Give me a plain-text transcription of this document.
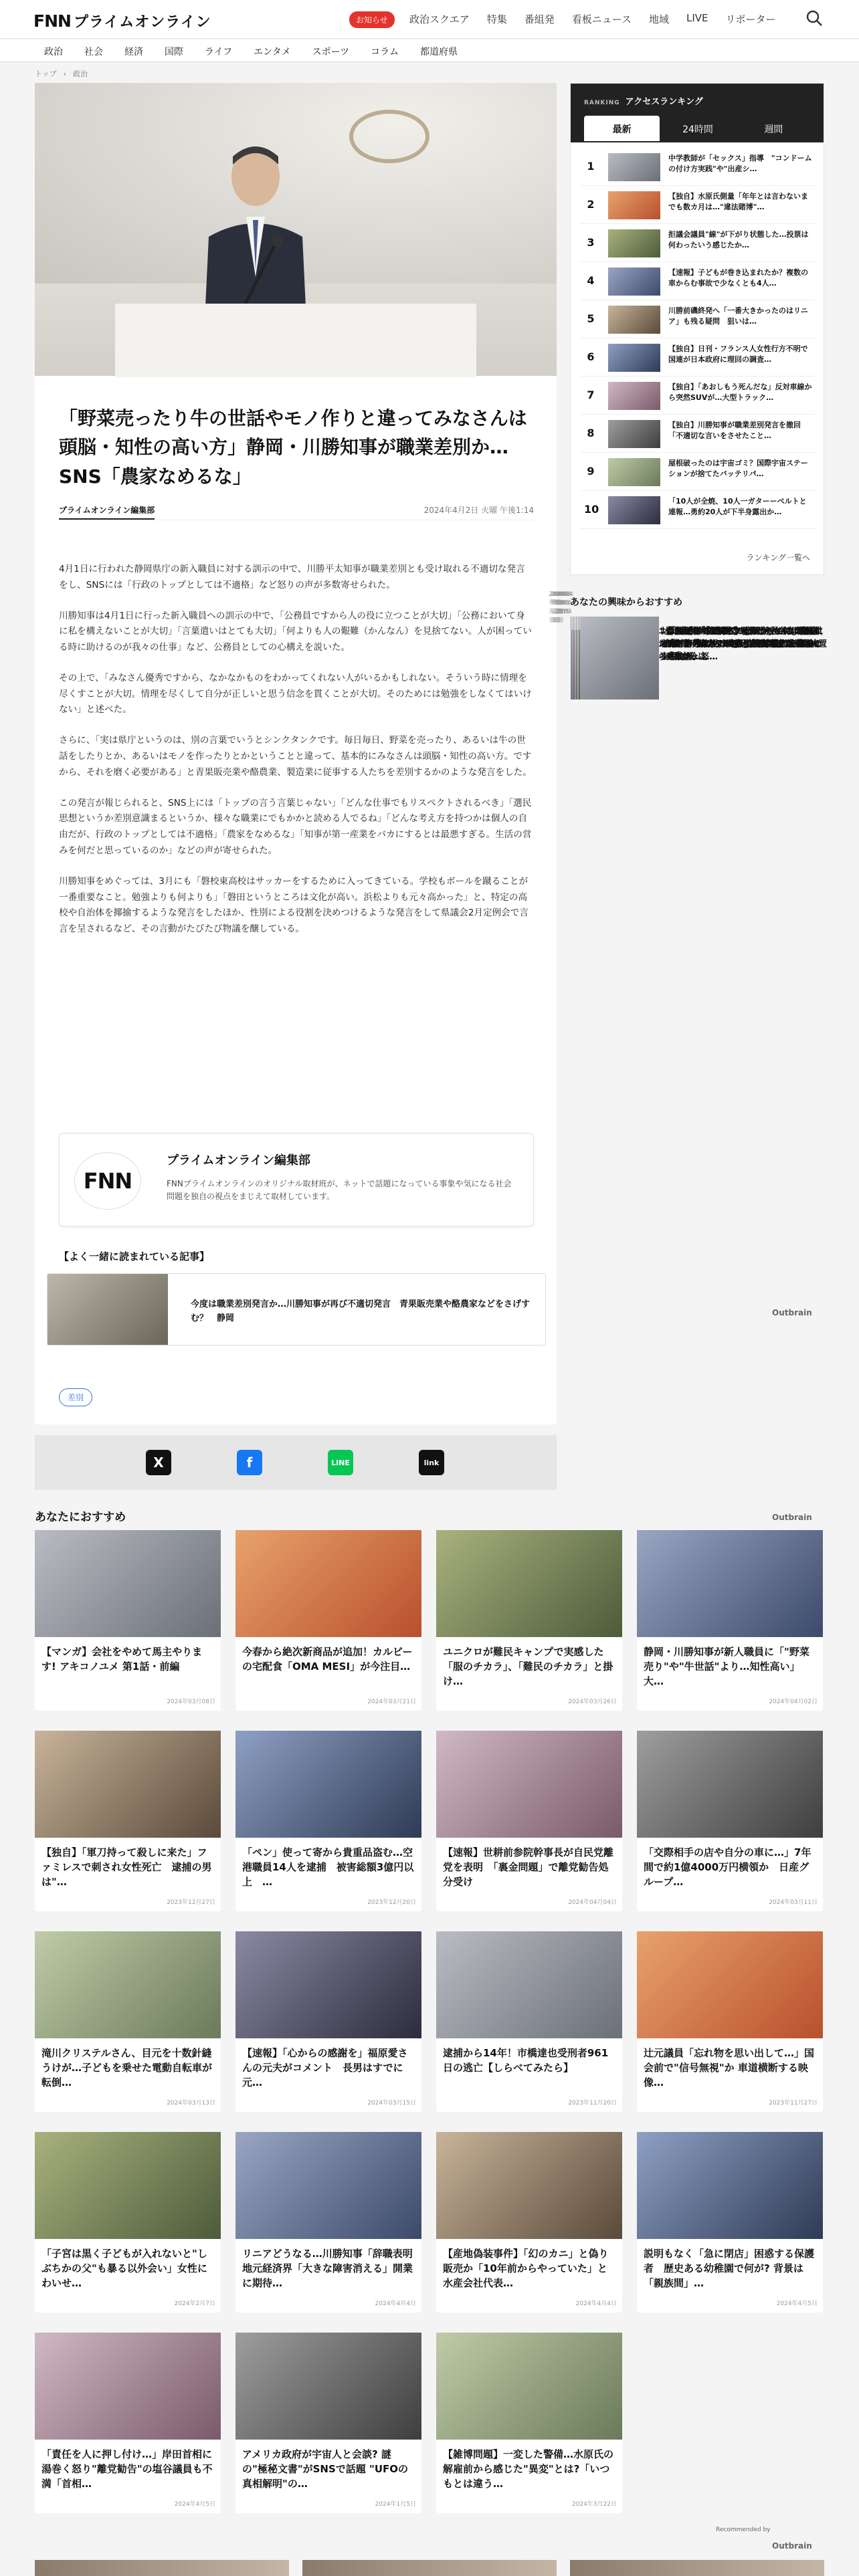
FNN プライムオンライン	お知らせ	政治スクエア 特集 番組発 看板ニュース 地域 LIVE リポーター
政治 社会 経済 国際 ライフ エンタメ スポーツ コラム 都道府県
トップ › 政治
「野菜売ったり牛の世話やモノ作りと違ってみなさんは頭脳・知性の高い方」静岡・川勝知事が職業差別か…SNS「農家なめるな」
プライムオンライン編集部	2024年4月2日 火曜 午後1:14

4月1日に行われた静岡県庁の新入職員に対する訓示の中で、川勝平太知事が職業差別とも受け取れる不適切な発言をし、SNSには「行政のトップとしては不適格」など怒りの声が多数寄せられた。

川勝知事は4月1日に行った新入職員への訓示の中で、「公務員ですから人の役に立つことが大切」「公務において身に私を構えないことが大切」「言葉遣いはとても大切」「何よりも人の艱難（かんなん）を見捨てない。人が困っている時に助けるのが我々の仕事」など、公務員としての心構えを説いた。

その上で、「みなさん優秀ですから、なかなかものをわかってくれない人がいるかもしれない。そういう時に情理を尽くすことが大切。情理を尽くして自分が正しいと思う信念を貫くことが大切。そのためには勉強をしなくてはいけない」と述べた。

さらに、「実は県庁というのは、別の言葉でいうとシンクタンクです。毎日毎日、野菜を売ったり、あるいは牛の世話をしたりとか、あるいはモノを作ったりとかということと違って、基本的にみなさんは頭脳・知性の高い方。ですから、それを磨く必要がある」と青果販売業や酪農業、製造業に従事する人たちを差別するかのような発言をした。

この発言が報じられると、SNS上には「トップの言う言葉じゃない」「どんな仕事でもリスペクトされるべき」「選民思想というか差別意識まるというか、様々な職業にでもかかと読める人でるね」「どんな考え方を持つかは個人の自由だが、行政のトップとしては不適格」「農家をなめるな」「知事が第一産業をバカにするとは最悪すぎる。生活の営みを何だと思っているのか」などの声が寄せられた。

川勝知事をめぐっては、3月にも「磐校東高校はサッカーをするために入ってきている。学校もボールを蹴ることが一番重要なこと。勉強よりも何よりも」「磐田というところは文化が高い。浜松よりも元々高かった」と、特定の高校や自治体を揶揄するような発言をしたほか、性別による役割を決めつけるような発言をして県議会2月定例会で言言を呈されるなど、その言動がたびたび物議を醸している。

FNN
プライムオンライン編集部
FNNプライムオンラインのオリジナル取材班が、ネットで話題になっている事象や気になる社会問題を独自の視点をまじえて取材しています。
【よく一緒に読まれている記事】
今度は職業差別発言か…川勝知事が再び不適切発言　青果販売業や酪農家などをさげすむ？　静岡
差別
X	f	LINE	link
RANKING アクセスランキング
最新	24時間	週間
1
中学教師が「セックス」指導　"コンドームの付け方実践"や"出産シ…
2
【独自】水原氏側量「年年とは言わないまでも数カ月は…"違法賭博"…
3
拒議会議員"線"が下がり状態した…投票は何わったいう感じたか…
4
【速報】子どもが巻き込まれたか？複数の車からむ事故で少なくとも4人…
5
川勝前磯終発へ「一番大きかったのはリニア」も残る疑問　狙いは…
6
【独自】日刊・フランス人女性行方不明で国連が日本政府に理回の調査…
7
【独自】「あおしもう死んだな」反対車線から突然SUVが…大型トラック…
8
【独自】川勝知事が職業差別発言を撤回「不適切な言いをさせたこと…
9
屋根破ったのは宇宙ゴミ？国際宇宙ステーションが捨てたバッテリパ…
10
「10人が全焼、10人一ガターーベルトと連報…勇約20人が下半身露出か…
ランキング一覧へ
あなたの興味からおすすめ
Outbrain
あなたにおすすめ	Outbrain
【マンガ】会社をやめて馬主やります! アキコノユメ 第1話・前編
2024年03月08日
今春から絶次新商品が追加！カルビーの宅配食「OMA MESI」が今注目…
2024年03月21日
ユニクロが難民キャンプで実感した「服のチカラ」、「難民のチカラ」と掛け…
2024年03月26日
静岡・川勝知事が新人職員に「"野菜売り"や"牛世話"より…知性高い」　大…
2024年04月02日
【独自】「軍刀持って殺しに来た」ファミレスで刺され女性死亡　逮捕の男は"…
2023年12月27日
「ペン」使って寄から貴重品盗む…空港職員14人を逮捕　被害総額3億円以上　…
2023年12月20日
【速報】世耕前参院幹事長が自民党離党を表明　「裏金問題」で離党勧告処分受け
2024年04月04日
「交際相手の店や自分の車に…」7年間で約1億4000万円横領か　日産グループ…
2024年03月11日
滝川クリステルさん、目元を十数針縫うけが…子どもを乗せた電動自転車が転倒…
2024年03月13日
【速報】「心からの感謝を」福原愛さんの元夫がコメント　長男はすでに元…
2024年03月15日
逮捕から14年！市橋達也受刑者961日の逃亡【しらべてみたら】
2023年11月20日
辻元議員「忘れ物を思い出して…」国会前で"信号無視"か 車道横断する映像…
2023年11月27日
「子宮は黒く子どもが入れないと"しぶちかの父"も暴る以外会い」女性にわいせ…
2024年2月7日
リニアどうなる…川勝知事「辞職表明　地元経済界「大きな障害消える」開業に期待…
2024年4月4日
【産地偽装事件】「幻のカニ」と偽り販売か「10年前からやっていた」と水産会社代表…
2024年4月4日
説明もなく「急に閉店」困惑する保護者　歴史ある幼稚園で何が? 背景は「親族間」…
2024年4月5日
「責任を人に押し付け…」岸田首相に湯巻く怒り"離党勧告"の塩谷議員も不満「首相…
2024年4月5日
アメリカ政府が宇宙人と会談? 謎の"極秘文書"がSNSで話題 "UFOの真相解明"の…
2024年1月5日
【雑博問題】一変した警備…水原氏の解雇前から感じた"異変"とは?「いつもとは違う…
2024年3月22日
Recommended by
Outbrain
